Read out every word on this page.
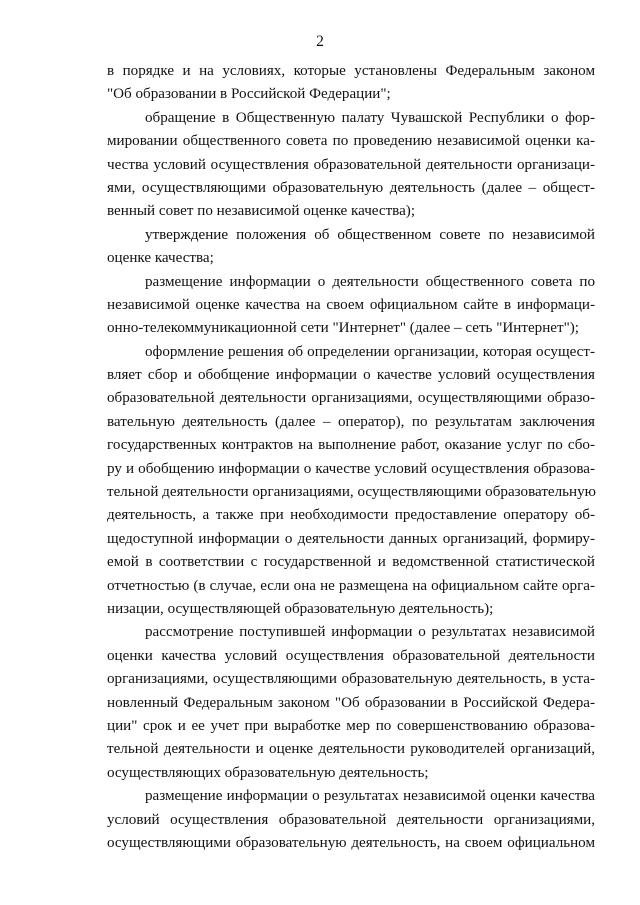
2
в порядке и на условиях, которые установлены Федеральным законом
"Об образовании в Российской Федерации";
обращение в Общественную палату Чувашской Республики о фор-
мировании общественного совета по проведению независимой оценки ка-
чества условий осуществления образовательной деятельности организаци-
ями, осуществляющими образовательную деятельность (далее – общест-
венный совет по независимой оценке качества);
утверждение положения об общественном совете по независимой
оценке качества;
размещение информации о деятельности общественного совета по
независимой оценке качества на своем официальном сайте в информаци-
онно-телекоммуникационной сети "Интернет" (далее – сеть "Интернет");
оформление решения об определении организации, которая осущест-
вляет сбор и обобщение информации о качестве условий осуществления
образовательной деятельности организациями, осуществляющими образо-
вательную деятельность (далее – оператор), по результатам заключения
государственных контрактов на выполнение работ, оказание услуг по сбо-
ру и обобщению информации о качестве условий осуществления образова-
тельной деятельности организациями, осуществляющими образовательную
деятельность, а также при необходимости предоставление оператору об-
щедоступной информации о деятельности данных организаций, формиру-
емой в соответствии с государственной и ведомственной статистической
отчетностью (в случае, если она не размещена на официальном сайте орга-
низации, осуществляющей образовательную деятельность);
рассмотрение поступившей информации о результатах независимой
оценки качества условий осуществления образовательной деятельности
организациями, осуществляющими образовательную деятельность, в уста-
новленный Федеральным законом "Об образовании в Российской Федера-
ции" срок и ее учет при выработке мер по совершенствованию образова-
тельной деятельности и оценке деятельности руководителей организаций,
осуществляющих образовательную деятельность;
размещение информации о результатах независимой оценки качества
условий осуществления образовательной деятельности организациями,
осуществляющими образовательную деятельность, на своем официальном
